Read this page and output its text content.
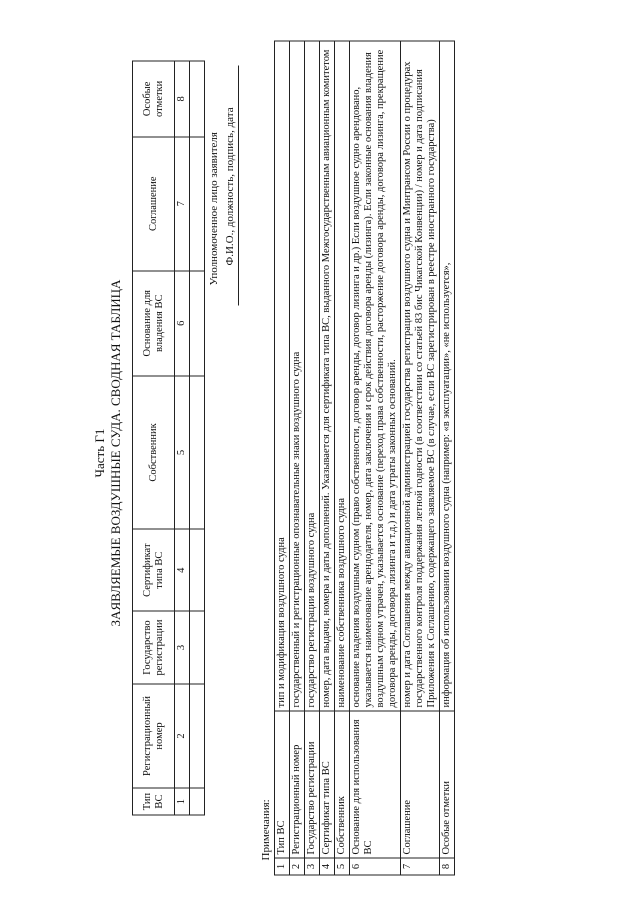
Часть Г1 ЗАЯВЛЯЕМЫЕ ВОЗДУШНЫЕ СУДА. СВОДНАЯ ТАБЛИЦА
Тип ВС	Регистрационный номер	Государство регистрации	Сертификат типа ВС	Собственник	Основание для владения ВС	Соглашение	Особые отметки
1	2	3	4	5	6	7	8

Уполномоченное лицо заявителя Ф.И.О., должность, подпись, дата
Примечания:
1	Тип ВС	тип и модификация воздушного судна
2	Регистрационный номер	государственный и регистрационные опознавательные знаки воздушного судна
3	Государство регистрации	государство регистрации воздушного судна
4	Сертификат типа ВС	номер, дата выдачи, номера и даты дополнений. Указывается для сертификата типа ВС, выданного Межгосударственным авиационным комитетом
5	Собственник	наименование собственника воздушного судна
6	Основание для использования ВС	основание владения воздушным судном (право собственности, договор аренды, договор лизинга и др.) Если воздушное судно арендовано, указывается наименование арендодателя, номер, дата заключения и срок действия договора аренды (лизинга). Если законные основания владения воздушным судном утрачен, указывается основание (переход права собственности, расторжение договора аренды, договора лизинга, прекращение договора аренды, договора лизинга и т.д.) и дата утраты законных оснований.
7	Соглашение	номер и дата Соглашения между авиационной администрацией государства регистрации воздушного судна и Минтрансом России о процедурах государственного контроля поддержания летной годности (в соответствии со статьей 83 бис Чикагской Конвенции) / номер и дата подписания Приложения к Соглашению, содержащего заявляемое ВС (в случае, если ВС зарегистрирован в реестре иностранного государства)
8	Особые отметки	информация об использовании воздушного судна (например: «в эксплуатации», «не используется»,
